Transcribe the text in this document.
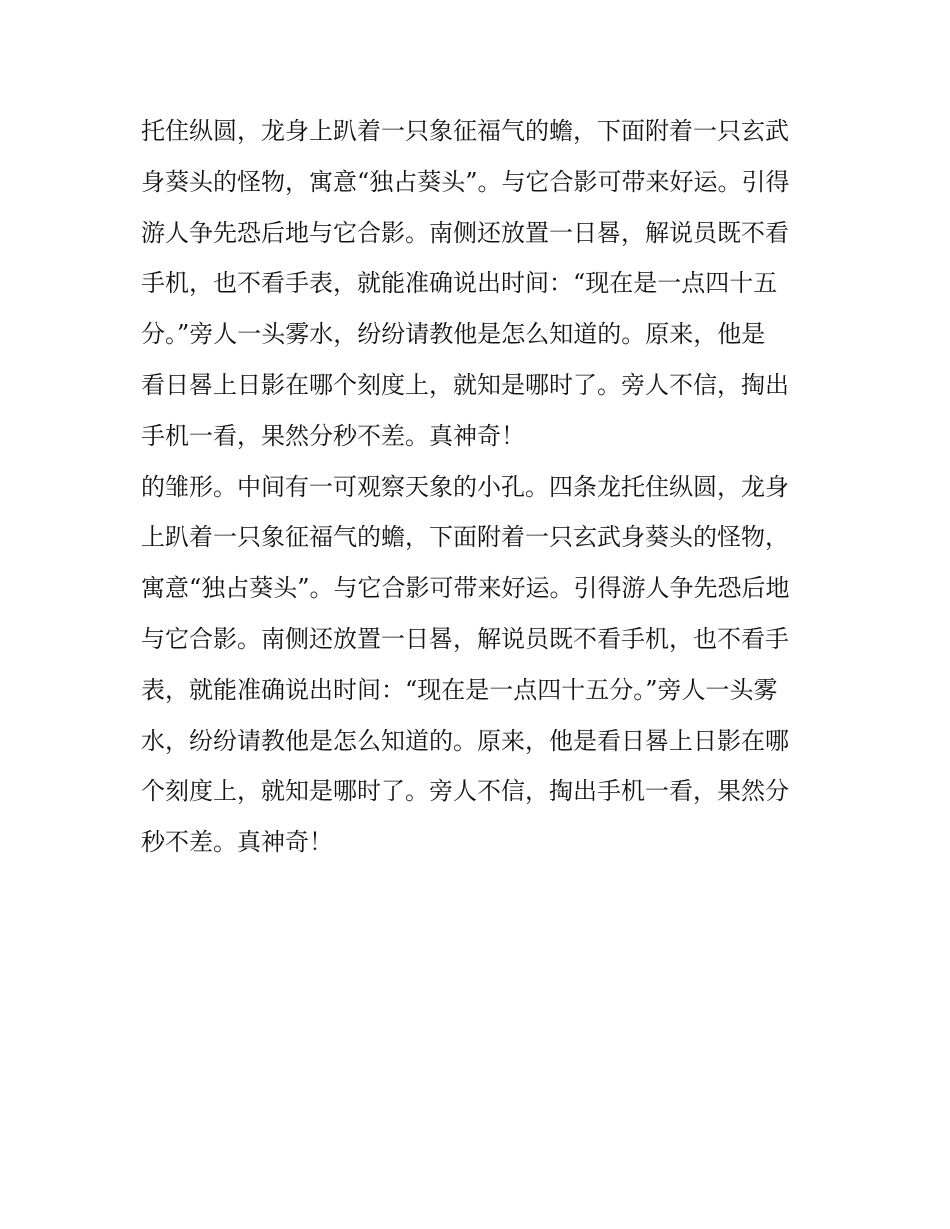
托住纵圆，龙身上趴着一只象征福气的蟾，下面附着一只玄武
身葵头的怪物，寓意“独占葵头”。与它合影可带来好运。引得
游人争先恐后地与它合影。南侧还放置一日晷，解说员既不看
手机，也不看手表，就能准确说出时间：“现在是一点四十五
分。”旁人一头雾水，纷纷请教他是怎么知道的。原来，他是
看日晷上日影在哪个刻度上，就知是哪时了。旁人不信，掏出
手机一看，果然分秒不差。真神奇！
的雏形。中间有一可观察天象的小孔。四条龙托住纵圆，龙身
上趴着一只象征福气的蟾，下面附着一只玄武身葵头的怪物，
寓意“独占葵头”。与它合影可带来好运。引得游人争先恐后地
与它合影。南侧还放置一日晷，解说员既不看手机，也不看手
表，就能准确说出时间：“现在是一点四十五分。”旁人一头雾
水，纷纷请教他是怎么知道的。原来，他是看日晷上日影在哪
个刻度上，就知是哪时了。旁人不信，掏出手机一看，果然分
秒不差。真神奇！
